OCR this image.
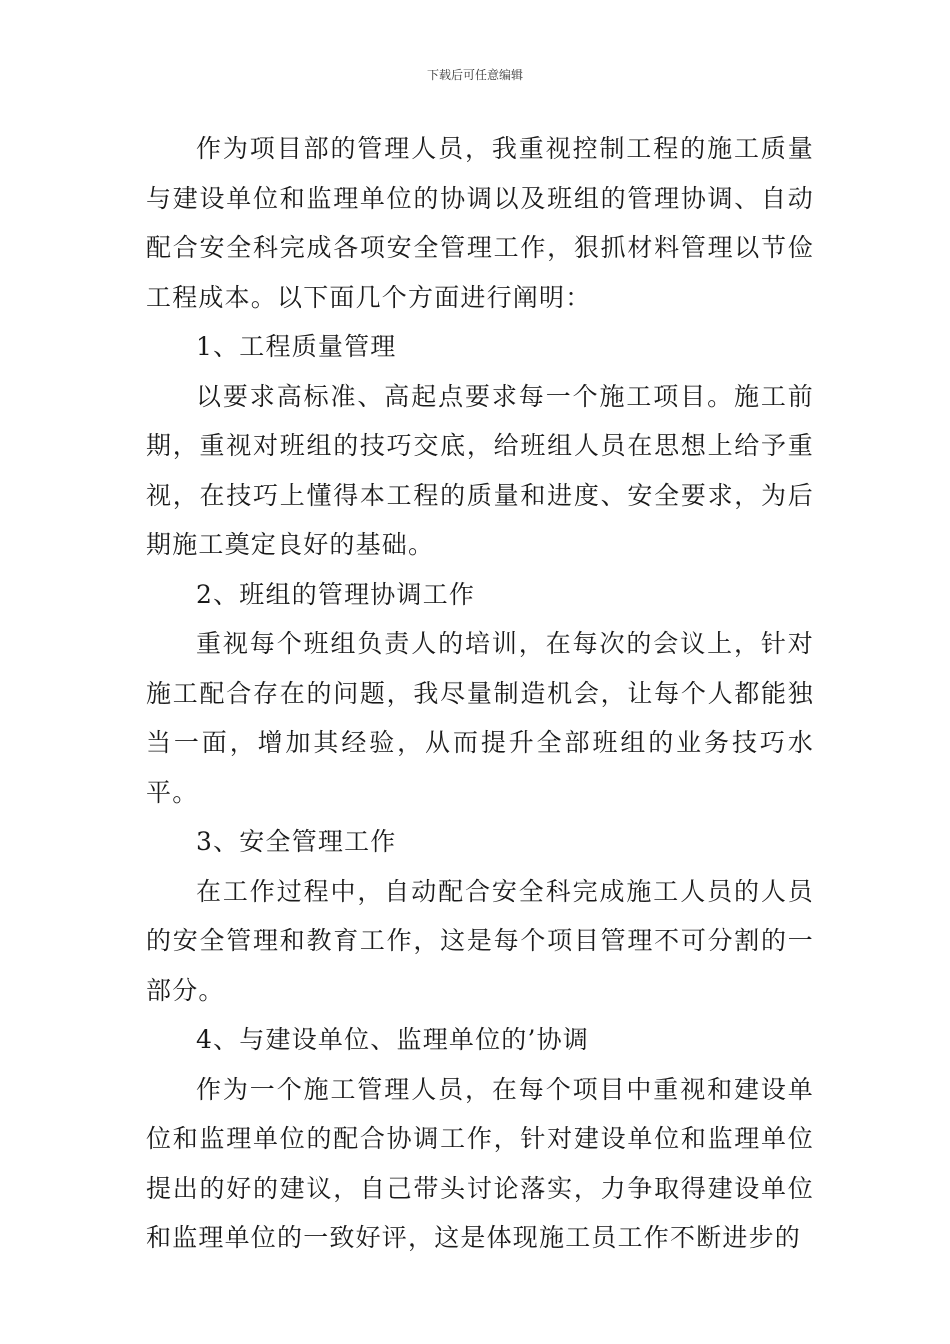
下载后可任意编辑

作为项目部的管理人员，我重视控制工程的施工质量与建设单位和监理单位的协调以及班组的管理协调、自动配合安全科完成各项安全管理工作，狠抓材料管理以节俭工程成本。以下面几个方面进行阐明：

1、工程质量管理

以要求高标准、高起点要求每一个施工项目。施工前期，重视对班组的技巧交底，给班组人员在思想上给予重视，在技巧上懂得本工程的质量和进度、安全要求，为后期施工奠定良好的基础。

2、班组的管理协调工作

重视每个班组负责人的培训，在每次的会议上，针对施工配合存在的问题，我尽量制造机会，让每个人都能独当一面，增加其经验，从而提升全部班组的业务技巧水平。

3、安全管理工作

在工作过程中，自动配合安全科完成施工人员的人员的安全管理和教育工作，这是每个项目管理不可分割的一部分。

4、与建设单位、监理单位的’协调

作为一个施工管理人员，在每个项目中重视和建设单位和监理单位的配合协调工作，针对建设单位和监理单位提出的好的建议，自己带头讨论落实，力争取得建设单位和监理单位的一致好评，这是体现施工员工作不断进步的
